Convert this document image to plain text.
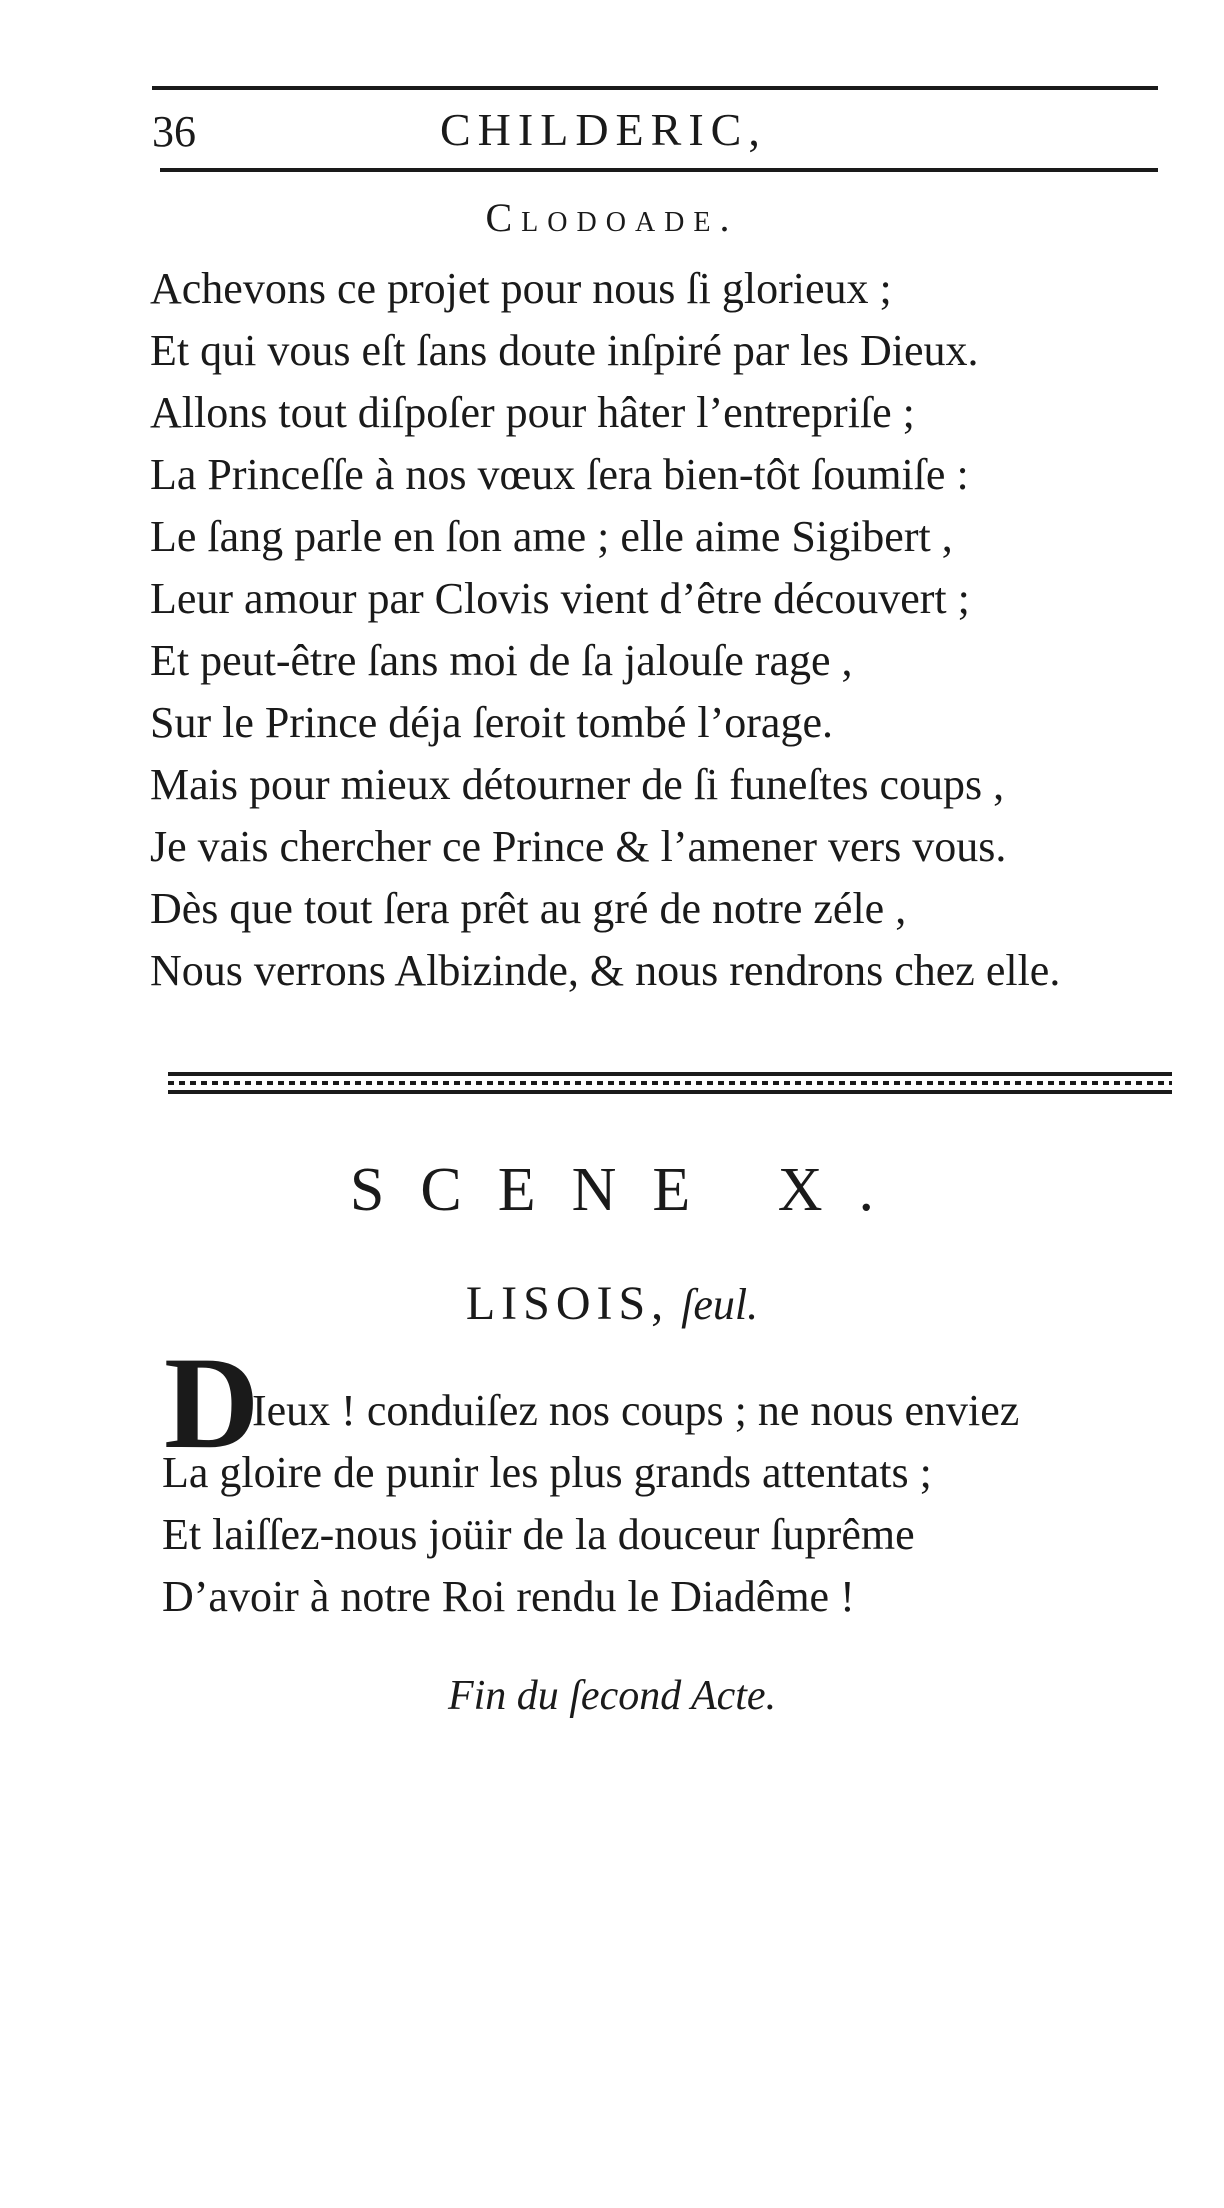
36	CHILDERIC,
Clodoade.
Achevons ce projet pour nous ſi glorieux ;
Et qui vous eſt ſans doute inſpiré par les Dieux.
Allons tout diſpoſer pour hâter l’entrepriſe ;
La Princeſſe à nos vœux ſera bien-tôt ſoumiſe :
Le ſang parle en ſon ame ; elle aime Sigibert ,
Leur amour par Clovis vient d’être découvert ;
Et peut-être ſans moi de ſa jalouſe rage ,
Sur le Prince déja ſeroit tombé l’orage.
Mais pour mieux détourner de ſi funeſtes coups ,
Je vais chercher ce Prince & l’amener vers vous.
Dès que tout ſera prêt au gré de notre zéle ,
Nous verrons Albizinde, & nous rendrons chez elle.
SCENE X.
LISOIS, ſeul.
D
Ieux ! conduiſez nos coups ; ne nous enviez
La gloire de punir les plus grands attentats ;
Et laiſſez-nous joüir de la douceur ſuprême
D’avoir à notre Roi rendu le Diadême !
Fin du ſecond Acte.
